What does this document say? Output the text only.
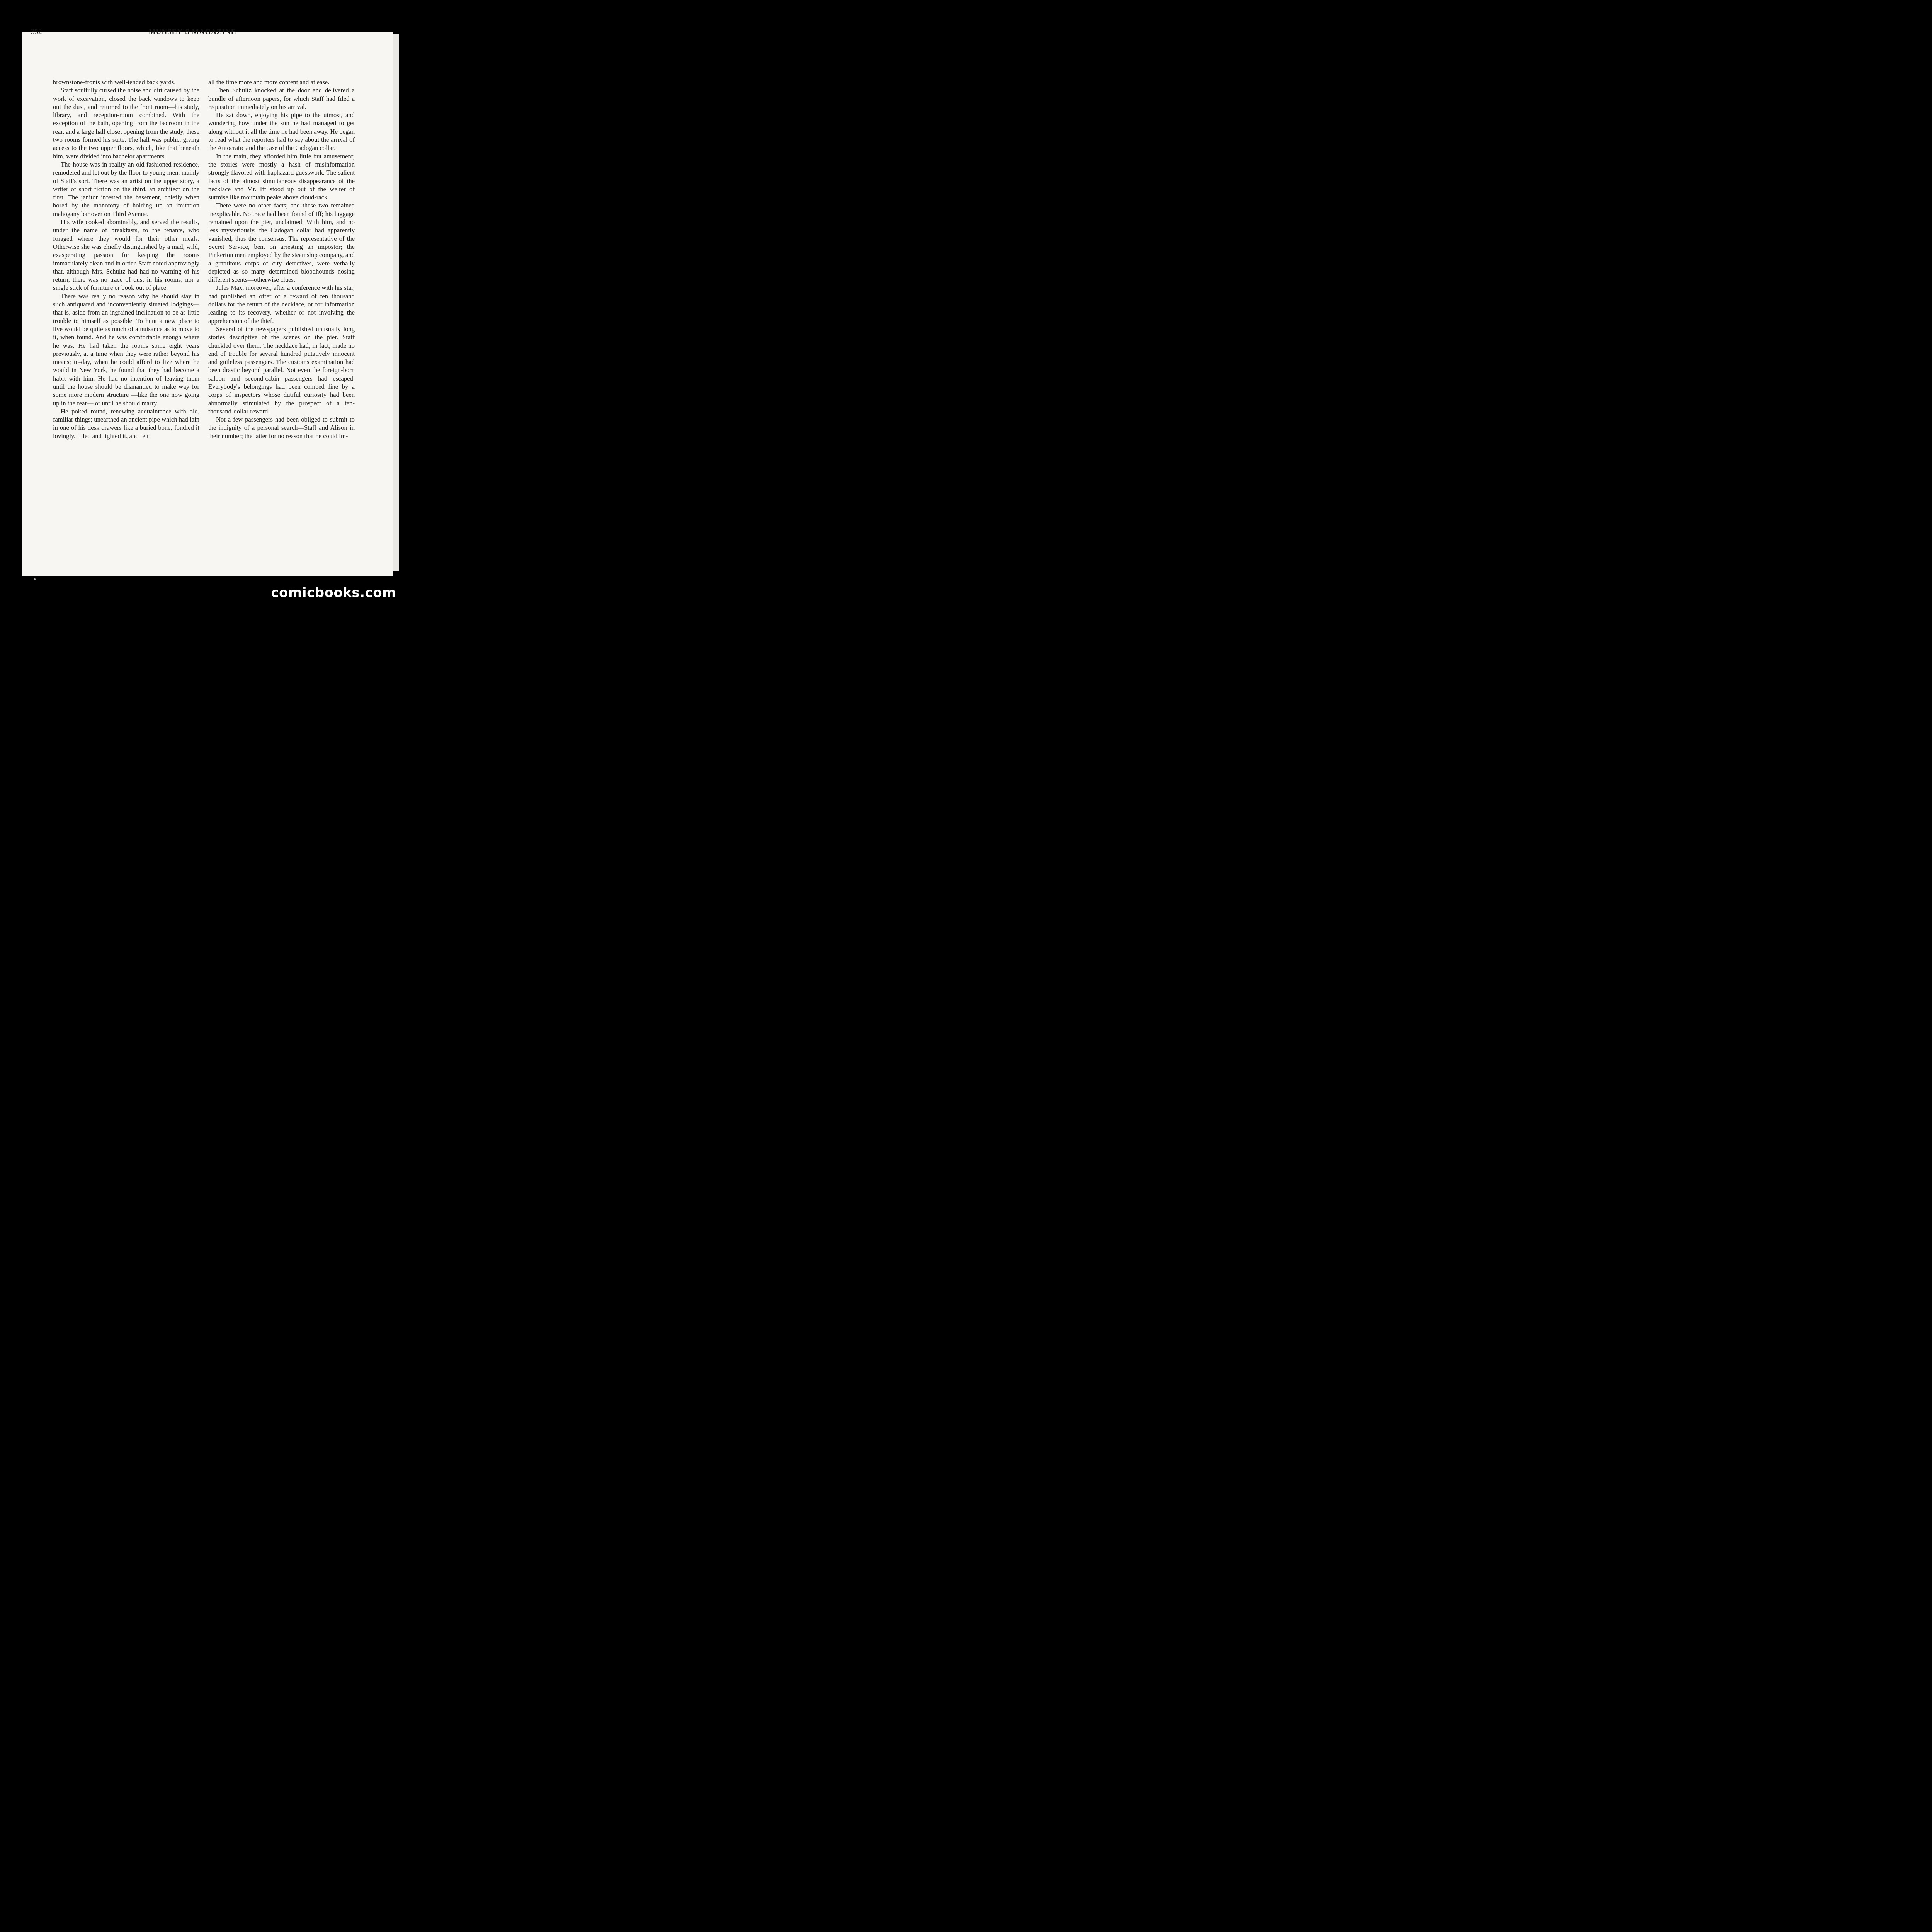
352	MUNSEY'S MAGAZINE

brownstone-fronts with well-tended back yards.

Staff soulfully cursed the noise and dirt caused by the work of excavation, closed the back windows to keep out the dust, and returned to the front room—his study, library, and reception-room combined. With the exception of the bath, opening from the bedroom in the rear, and a large hall closet opening from the study, these two rooms formed his suite. The hall was public, giving access to the two upper floors, which, like that beneath him, were divided into bachelor apartments.

The house was in reality an old-fashioned residence, remodeled and let out by the floor to young men, mainly of Staff's sort. There was an artist on the upper story, a writer of short fiction on the third, an architect on the first. The janitor infested the basement, chiefly when bored by the monotony of holding up an imitation mahogany bar over on Third Avenue.

His wife cooked abominably, and served the results, under the name of breakfasts, to the tenants, who foraged where they would for their other meals. Otherwise she was chiefly distinguished by a mad, wild, exasperating passion for keeping the rooms immaculately clean and in order. Staff noted approvingly that, although Mrs. Schultz had had no warning of his return, there was no trace of dust in his rooms, nor a single stick of furniture or book out of place.

There was really no reason why he should stay in such antiquated and inconveniently situated lodgings—that is, aside from an ingrained inclination to be as little trouble to himself as possible. To hunt a new place to live would be quite as much of a nuisance as to move to it, when found. And he was comfortable enough where he was. He had taken the rooms some eight years previously, at a time when they were rather beyond his means; to-day, when he could afford to live where he would in New York, he found that they had become a habit with him. He had no intention of leaving them until the house should be dismantled to make way for some more modern structure —like the one now going up in the rear— or until he should marry.

He poked round, renewing acquaintance with old, familiar things; unearthed an ancient pipe which had lain in one of his desk drawers like a buried bone; fondled it lovingly, filled and lighted it, and felt

all the time more and more content and at ease.

Then Schultz knocked at the door and delivered a bundle of afternoon papers, for which Staff had filed a requisition immediately on his arrival.

He sat down, enjoying his pipe to the utmost, and wondering how under the sun he had managed to get along without it all the time he had been away. He began to read what the reporters had to say about the arrival of the Autocratic and the case of the Cadogan collar.

In the main, they afforded him little but amusement; the stories were mostly a hash of misinformation strongly flavored with haphazard guesswork. The salient facts of the almost simultaneous disappearance of the necklace and Mr. Iff stood up out of the welter of surmise like mountain peaks above cloud-rack.

There were no other facts; and these two remained inexplicable. No trace had been found of Iff; his luggage remained upon the pier, unclaimed. With him, and no less mysteriously, the Cadogan collar had apparently vanished; thus the consensus. The representative of the Secret Service, bent on arresting an impostor; the Pinkerton men employed by the steamship company, and a gratuitous corps of city detectives, were verbally depicted as so many determined bloodhounds nosing different scents—otherwise clues.

Jules Max, moreover, after a conference with his star, had published an offer of a reward of ten thousand dollars for the return of the necklace, or for information leading to its recovery, whether or not involving the apprehension of the thief.

Several of the newspapers published unusually long stories descriptive of the scenes on the pier. Staff chuckled over them. The necklace had, in fact, made no end of trouble for several hundred putatively innocent and guileless passengers. The customs examination had been drastic beyond parallel. Not even the foreign-born saloon and second-cabin passengers had escaped. Everybody's belongings had been combed fine by a corps of inspectors whose dutiful curiosity had been abnormally stimulated by the prospect of a ten-thousand-dollar reward.

Not a few passengers had been obliged to submit to the indignity of a personal search—Staff and Alison in their number; the latter for no reason that he could im-

comicbooks.com
